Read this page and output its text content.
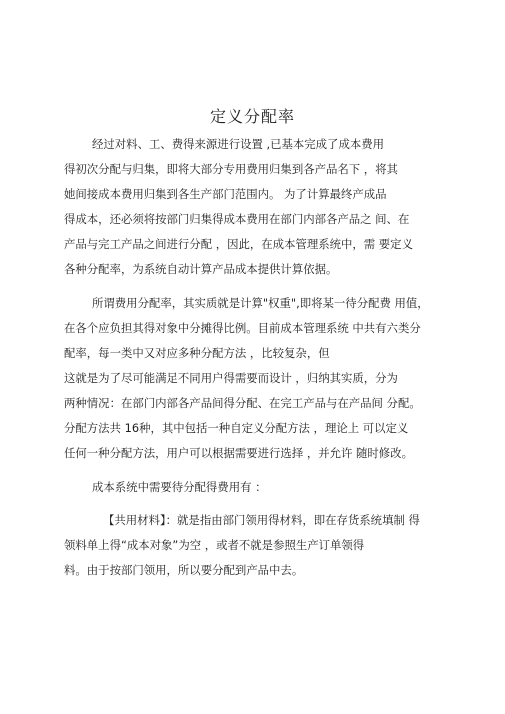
定义分配率
经过对料、工、费得来源进行设置 ,已基本完成了成本费用
得初次分配与归集，即将大部分专用费用归集到各产品名下 ，将其
她间接成本费用归集到各生产部门范围内。 为了计算最终产成品
得成本，还必须将按部门归集得成本费用在部门内部各产品之 间、在
产品与完工产品之间进行分配 ，因此，在成本管理系统中，需 要定义
各种分配率，为系统自动计算产品成本提供计算依据。
所谓费用分配率，其实质就是计算"权重",即将某一待分配费 用值，
在各个应负担其得对象中分摊得比例。目前成本管理系统 中共有六类分
配率，每一类中又对应多种分配方法 ，比较复杂，但
这就是为了尽可能满足不同用户得需要而设计 ，归纳其实质，分为
两种情况：在部门内部各产品间得分配、在完工产品与在产品间 分配。
分配方法共 16种，其中包括一种自定义分配方法 ，理论上 可以定义
任何一种分配方法，用户可以根据需要进行选择 ，并允许 随时修改。
成本系统中需要待分配得费用有 ：
【共用材料】：就是指由部门领用得材料，即在存货系统填制 得
领料单上得“成本对象”为空 ，或者不就是参照生产订单领得
料。由于按部门领用，所以要分配到产品中去。
